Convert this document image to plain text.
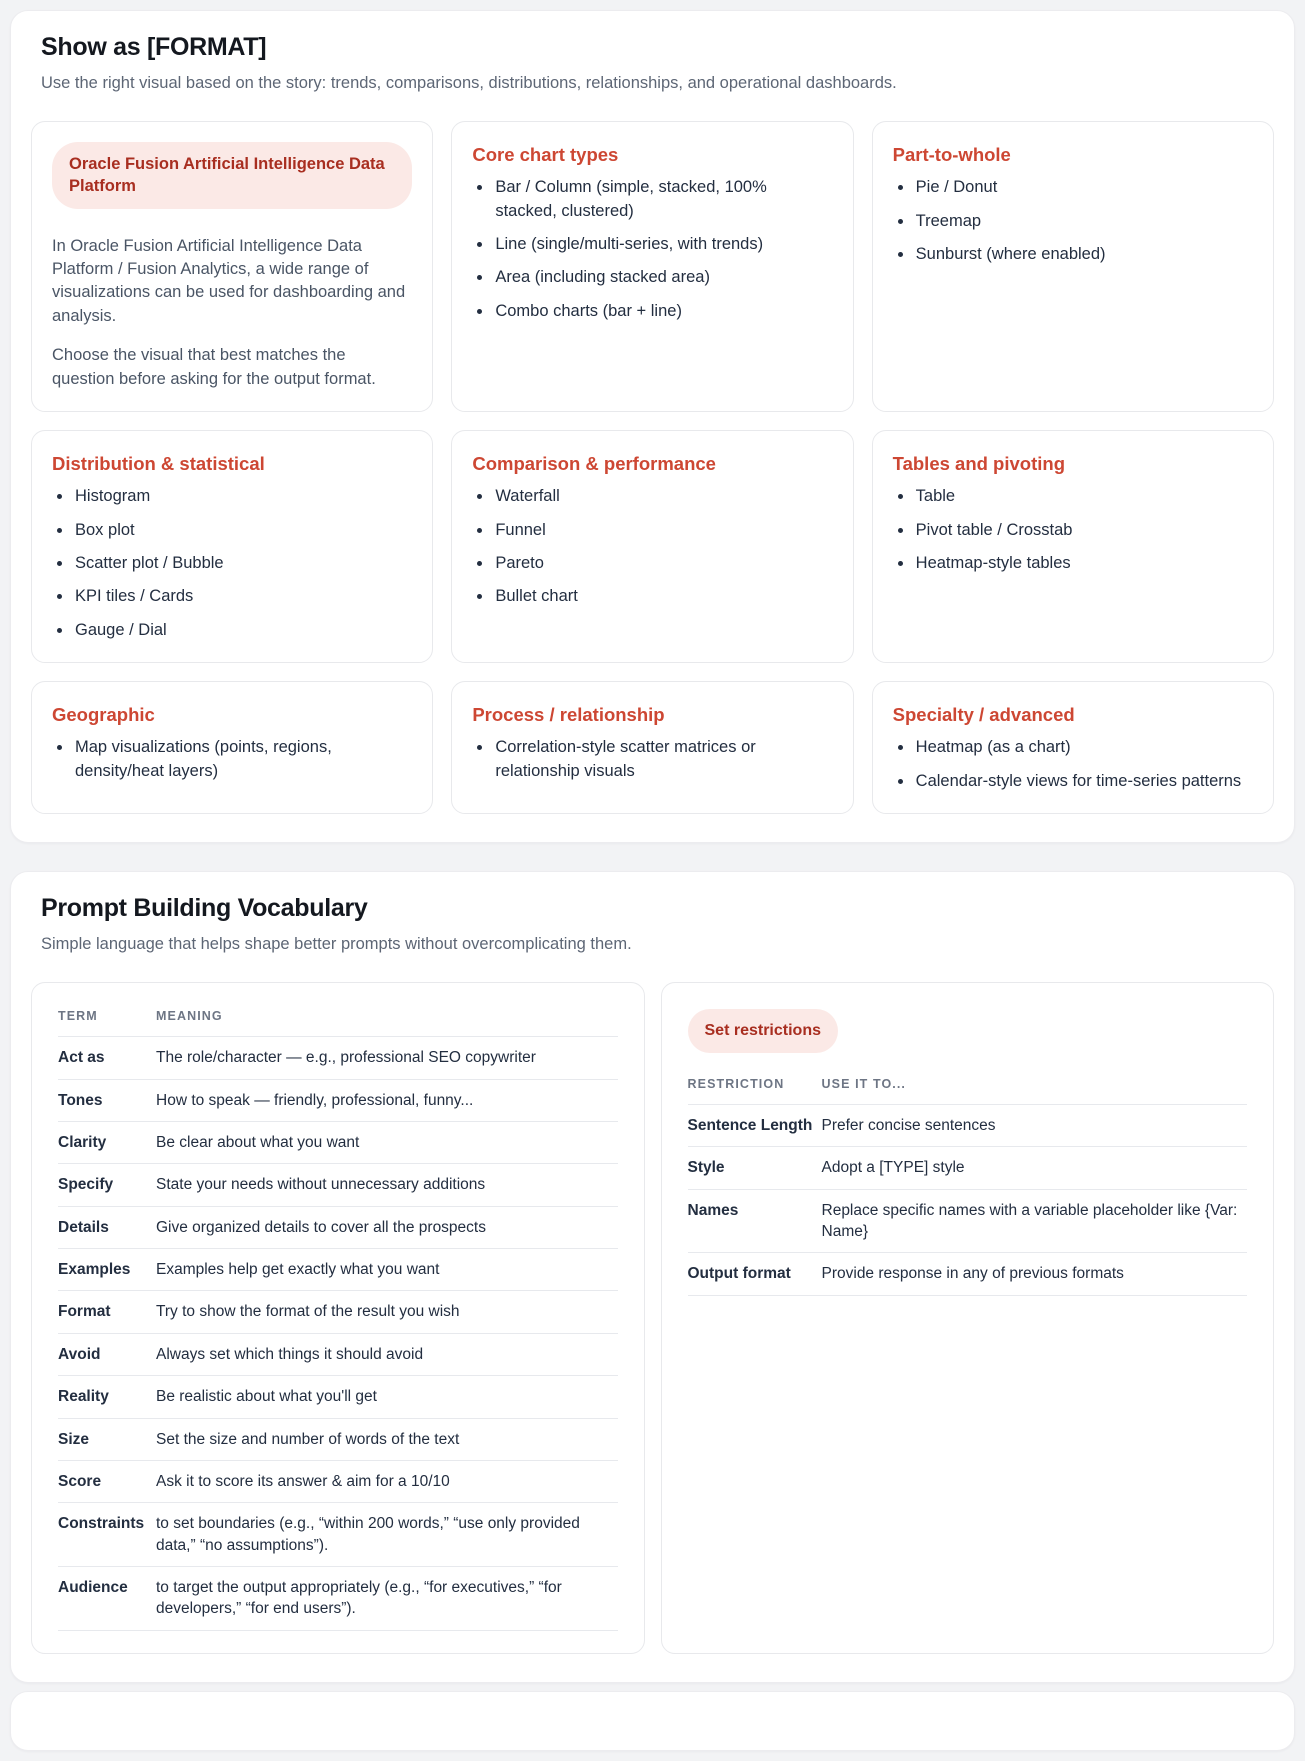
Show as [FORMAT]

Use the right visual based on the story: trends, comparisons, distributions, relationships, and operational dashboards.

Oracle Fusion Artificial Intelligence Data Platform

In Oracle Fusion Artificial Intelligence Data Platform / Fusion Analytics, a wide range of visualizations can be used for dashboarding and analysis.

Choose the visual that best matches the question before asking for the output format.

Core chart types
• Bar / Column (simple, stacked, 100% stacked, clustered)
• Line (single/multi-series, with trends)
• Area (including stacked area)
• Combo charts (bar + line)
Part-to-whole
• Pie / Donut
• Treemap
• Sunburst (where enabled)
Distribution & statistical
• Histogram
• Box plot
• Scatter plot / Bubble
• KPI tiles / Cards
• Gauge / Dial
Comparison & performance
• Waterfall
• Funnel
• Pareto
• Bullet chart
Tables and pivoting
• Table
• Pivot table / Crosstab
• Heatmap-style tables
Geographic
• Map visualizations (points, regions, density/heat layers)
Process / relationship
• Correlation-style scatter matrices or relationship visuals
Specialty / advanced
• Heatmap (as a chart)
• Calendar-style views for time-series patterns
Prompt Building Vocabulary

Simple language that helps shape better prompts without overcomplicating them.

TERM	MEANING
Act as	The role/character — e.g., professional SEO copywriter
Tones	How to speak — friendly, professional, funny...
Clarity	Be clear about what you want
Specify	State your needs without unnecessary additions
Details	Give organized details to cover all the prospects
Examples	Examples help get exactly what you want
Format	Try to show the format of the result you wish
Avoid	Always set which things it should avoid
Reality	Be realistic about what you'll get
Size	Set the size and number of words of the text
Score	Ask it to score its answer & aim for a 10/10
Constraints	to set boundaries (e.g., “within 200 words,” “use only provided data,” “no assumptions”).
Audience	to target the output appropriately (e.g., “for executives,” “for developers,” “for end users”).
Set restrictions
RESTRICTION	USE IT TO...
Sentence Length	Prefer concise sentences
Style	Adopt a [TYPE] style
Names	Replace specific names with a variable placeholder like {Var: Name}
Output format	Provide response in any of previous formats
